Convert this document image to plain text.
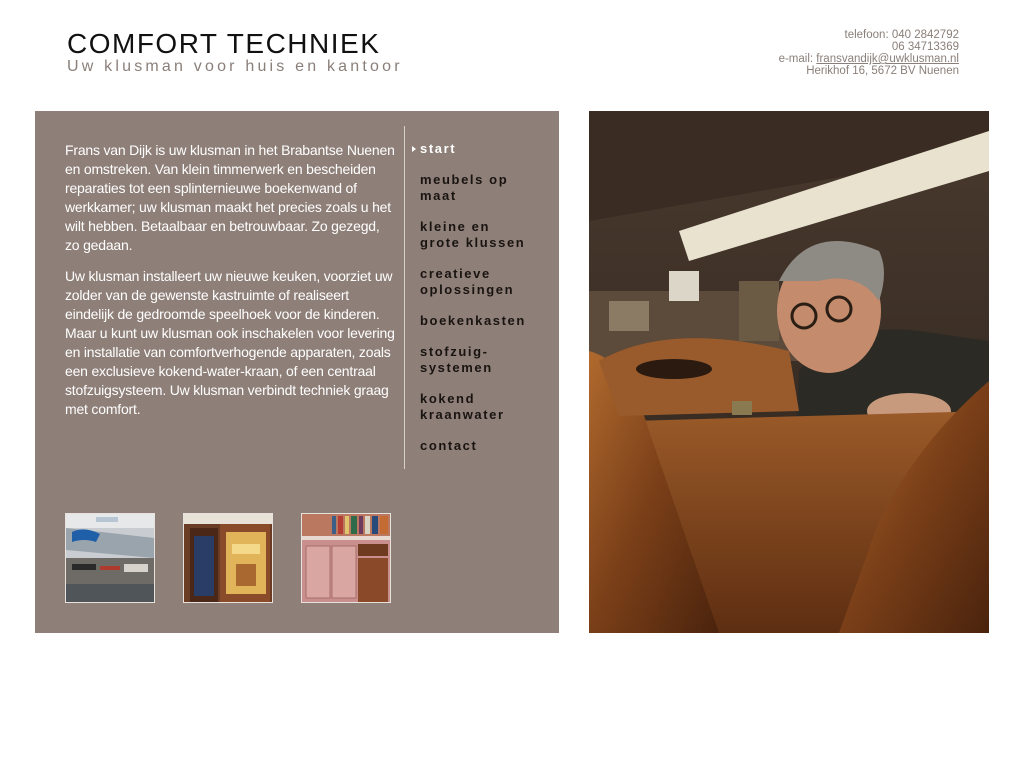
COMFORT TECHNIEK
Uw klusman voor huis en kantoor
telefoon: 040 2842792
06 34713369
e-mail: fransvandijk@uwklusman.nl
Herikhof 16, 5672 BV Nuenen

Frans van Dijk is uw klusman in het Brabantse Nuenen en omstreken. Van klein timmerwerk en bescheiden reparaties tot een splinternieuwe boekenwand of werkkamer; uw klusman maakt het precies zoals u het wilt hebben. Betaalbaar en betrouwbaar. Zo gezegd, zo gedaan.

Uw klusman installeert uw nieuwe keuken, voorziet uw zolder van de gewenste kastruimte of realiseert eindelijk de gedroomde speelhoek voor de kinderen. Maar u kunt uw klusman ook inschakelen voor levering en installatie van comfortverhogende apparaten, zoals een exclusieve kokend-water-kraan, of een centraal stofzuigsysteem. Uw klusman verbindt techniek graag met comfort.

start
meubels op
maat
kleine en
grote klussen
creatieve
oplossingen
boekenkasten
stofzuig-
systemen
kokend
kraanwater
contact
